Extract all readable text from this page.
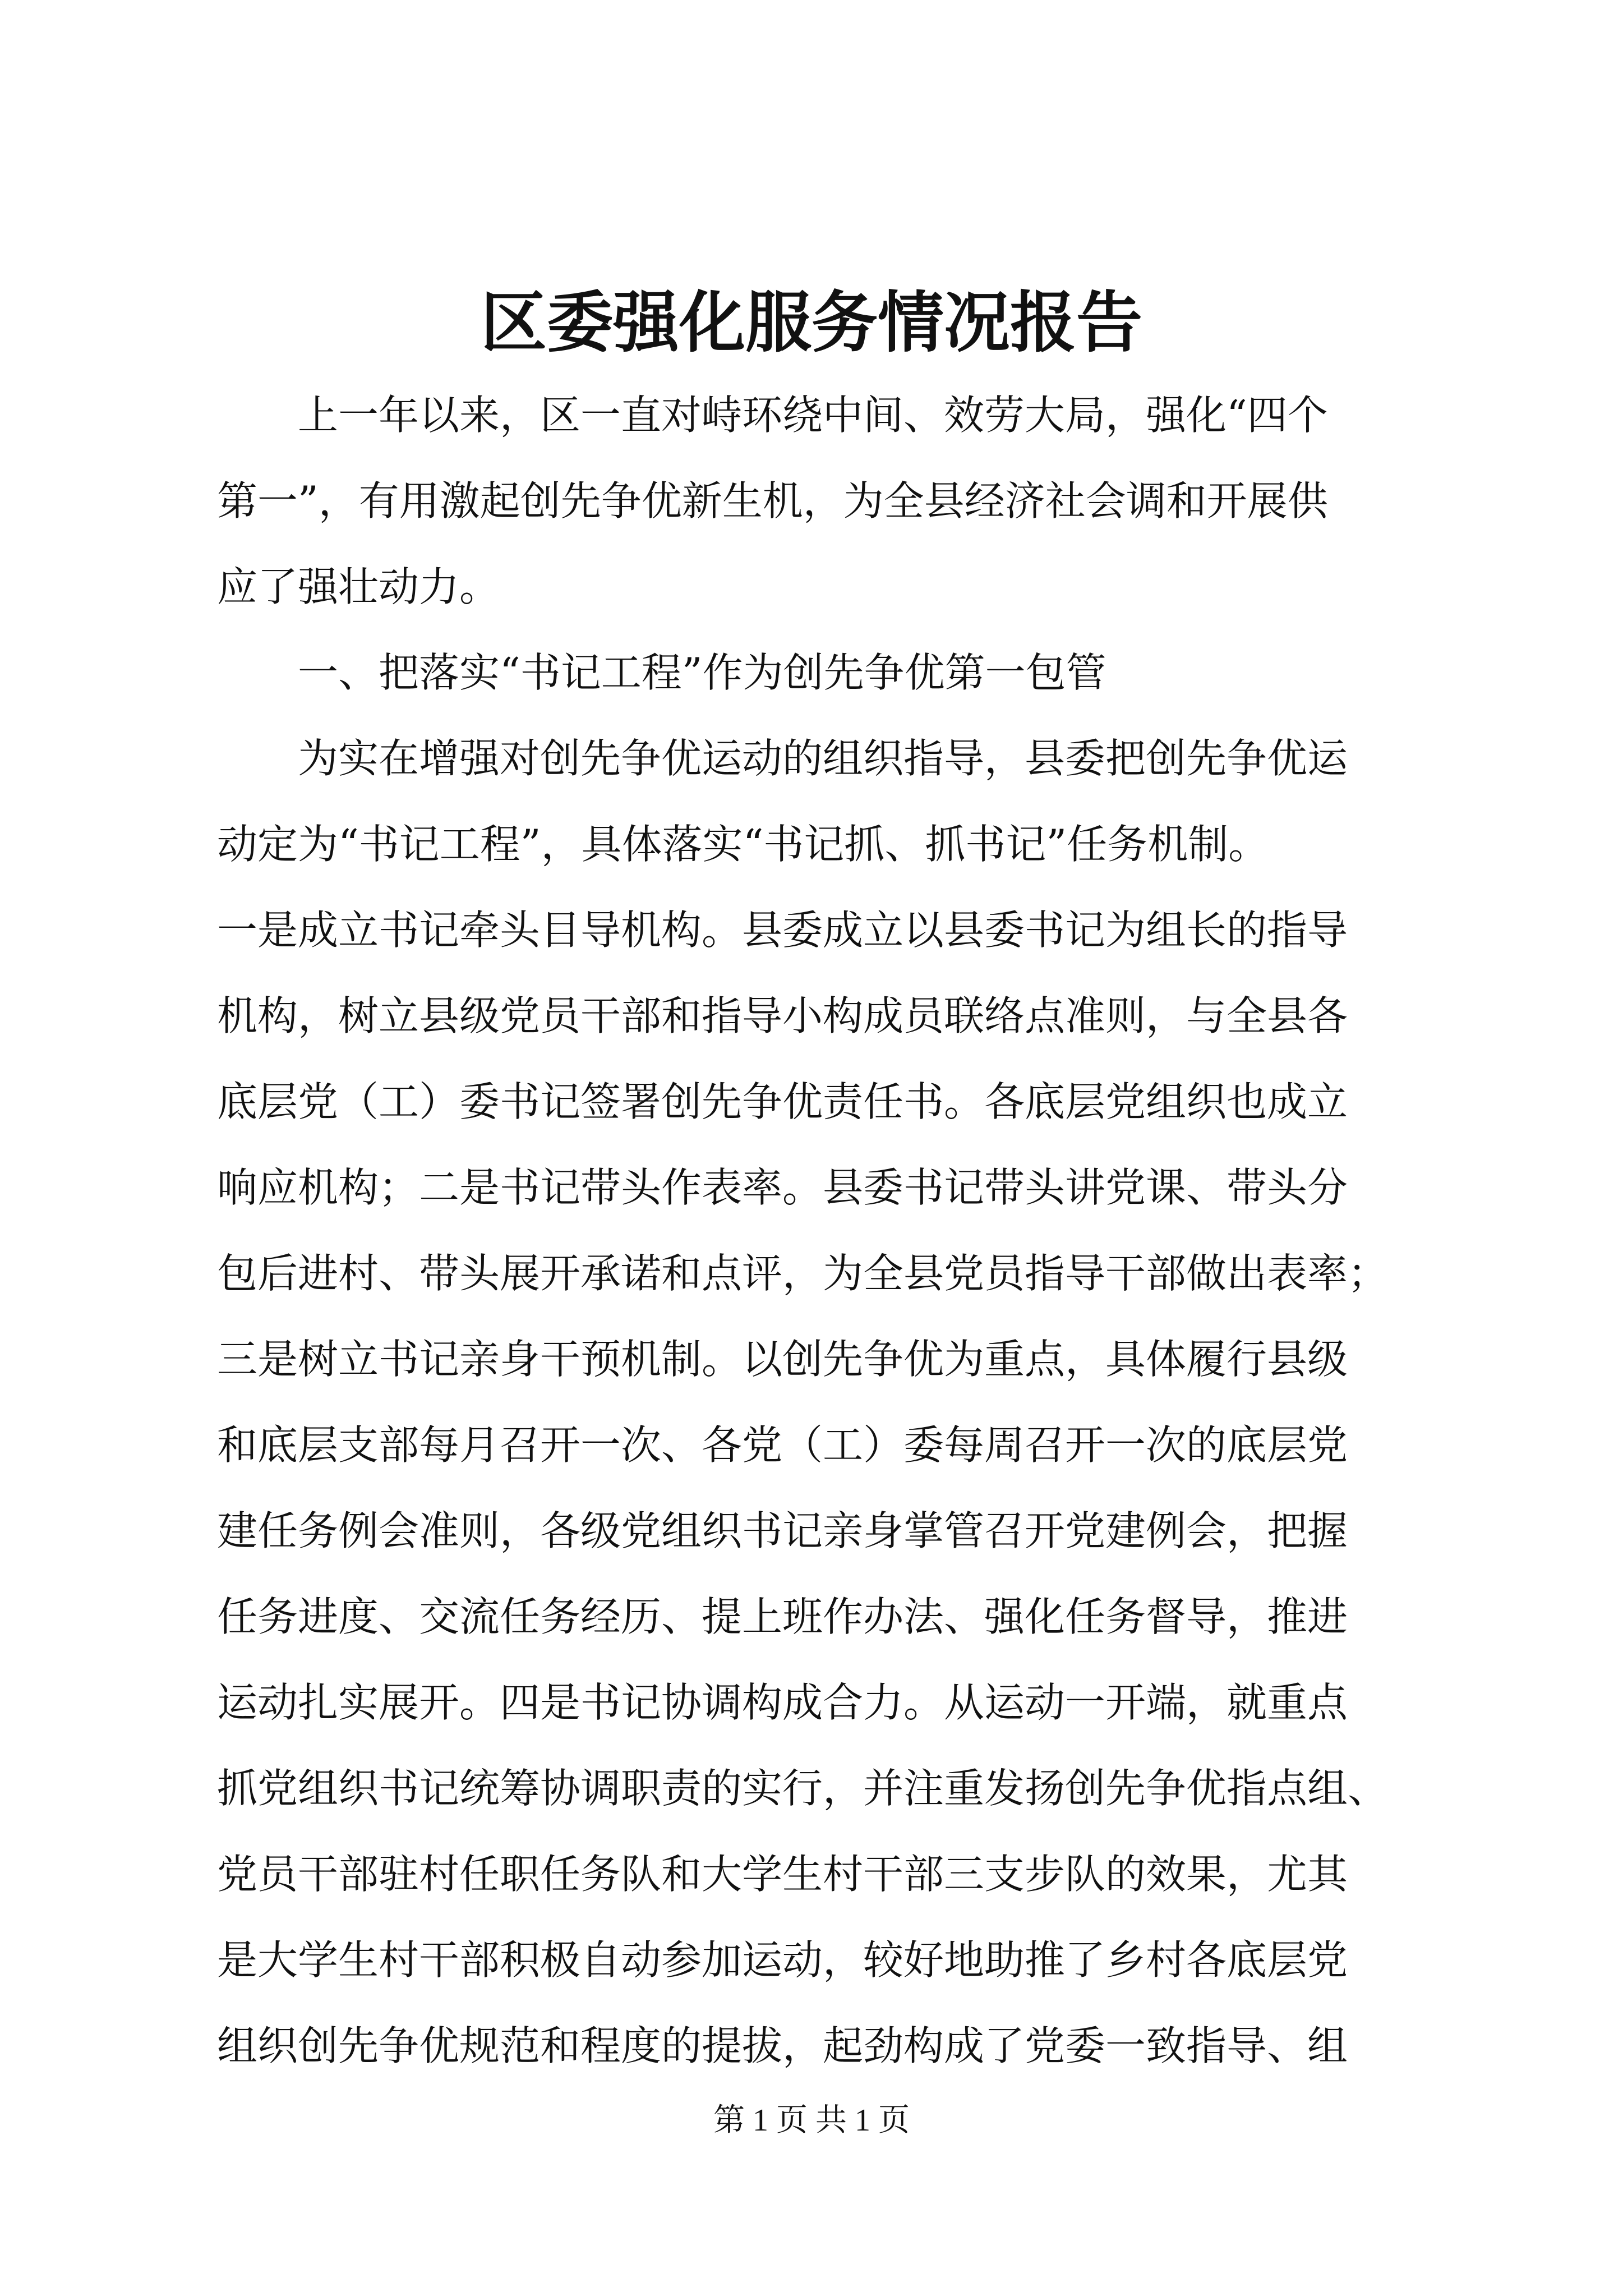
区委强化服务情况报告
上一年以来，区一直对峙环绕中间、效劳大局，强化“四个
第一”，有用激起创先争优新生机，为全县经济社会调和开展供
应了强壮动力。
一、把落实“书记工程”作为创先争优第一包管
为实在增强对创先争优运动的组织指导，县委把创先争优运
动定为“书记工程”，具体落实“书记抓、抓书记”任务机制。
一是成立书记牵头目导机构。县委成立以县委书记为组长的指导
机构，树立县级党员干部和指导小构成员联络点准则，与全县各
底层党（工）委书记签署创先争优责任书。各底层党组织也成立
响应机构；二是书记带头作表率。县委书记带头讲党课、带头分
包后进村、带头展开承诺和点评，为全县党员指导干部做出表率；
三是树立书记亲身干预机制。以创先争优为重点，具体履行县级
和底层支部每月召开一次、各党（工）委每周召开一次的底层党
建任务例会准则，各级党组织书记亲身掌管召开党建例会，把握
任务进度、交流任务经历、提上班作办法、强化任务督导，推进
运动扎实展开。四是书记协调构成合力。从运动一开端，就重点
抓党组织书记统筹协调职责的实行，并注重发扬创先争优指点组、
党员干部驻村任职任务队和大学生村干部三支步队的效果，尤其
是大学生村干部积极自动参加运动，较好地助推了乡村各底层党
组织创先争优规范和程度的提拔，起劲构成了党委一致指导、组
第 1 页 共 1 页
